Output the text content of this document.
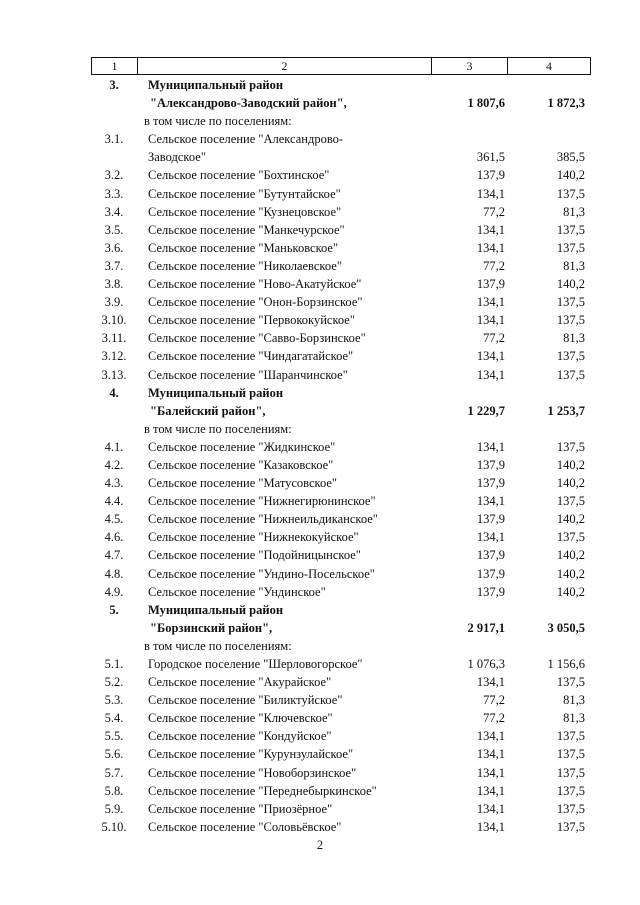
1	2	3	4
3.	Муниципальный район
"Александрово-Заводский район",	1 807,6	1 872,3
в том числе по поселениям:
3.1.	Сельское поселение "Александрово-
Заводское"	361,5	385,5
3.2.	Сельское поселение "Бохтинское"	137,9	140,2
3.3.	Сельское поселение "Бутунтайское"	134,1	137,5
3.4.	Сельское поселение "Кузнецовское"	77,2	81,3
3.5.	Сельское поселение "Манкечурское"	134,1	137,5
3.6.	Сельское поселение "Маньковское"	134,1	137,5
3.7.	Сельское поселение "Николаевское"	77,2	81,3
3.8.	Сельское поселение "Ново-Акатуйское"	137,9	140,2
3.9.	Сельское поселение "Онон-Борзинское"	134,1	137,5
3.10.	Сельское поселение "Первококуйское"	134,1	137,5
3.11.	Сельское поселение "Савво-Борзинское"	77,2	81,3
3.12.	Сельское поселение "Чиндагатайское"	134,1	137,5
3.13.	Сельское поселение "Шаранчинское"	134,1	137,5
4.	Муниципальный район
"Балейский район",	1 229,7	1 253,7
в том числе по поселениям:
4.1.	Сельское поселение "Жидкинское"	134,1	137,5
4.2.	Сельское поселение "Казаковское"	137,9	140,2
4.3.	Сельское поселение "Матусовское"	137,9	140,2
4.4.	Сельское поселение "Нижнегирюнинское"	134,1	137,5
4.5.	Сельское поселение "Нижнеильдиканское"	137,9	140,2
4.6.	Сельское поселение "Нижнекокуйское"	134,1	137,5
4.7.	Сельское поселение "Подойницынское"	137,9	140,2
4.8.	Сельское поселение "Ундино-Посельское"	137,9	140,2
4.9.	Сельское поселение "Ундинское"	137,9	140,2
5.	Муниципальный район
"Борзинский район",	2 917,1	3 050,5
в том числе по поселениям:
5.1.	Городское поселение "Шерловогорское"	1 076,3	1 156,6
5.2.	Сельское поселение "Акурайское"	134,1	137,5
5.3.	Сельское поселение "Биликтуйское"	77,2	81,3
5.4.	Сельское поселение "Ключевское"	77,2	81,3
5.5.	Сельское поселение "Кондуйское"	134,1	137,5
5.6.	Сельское поселение "Курунзулайское"	134,1	137,5
5.7.	Сельское поселение "Новоборзинское"	134,1	137,5
5.8.	Сельское поселение "Переднебыркинское"	134,1	137,5
5.9.	Сельское поселение "Приозёрное"	134,1	137,5
5.10.	Сельское поселение "Соловьёвское"	134,1	137,5
2
